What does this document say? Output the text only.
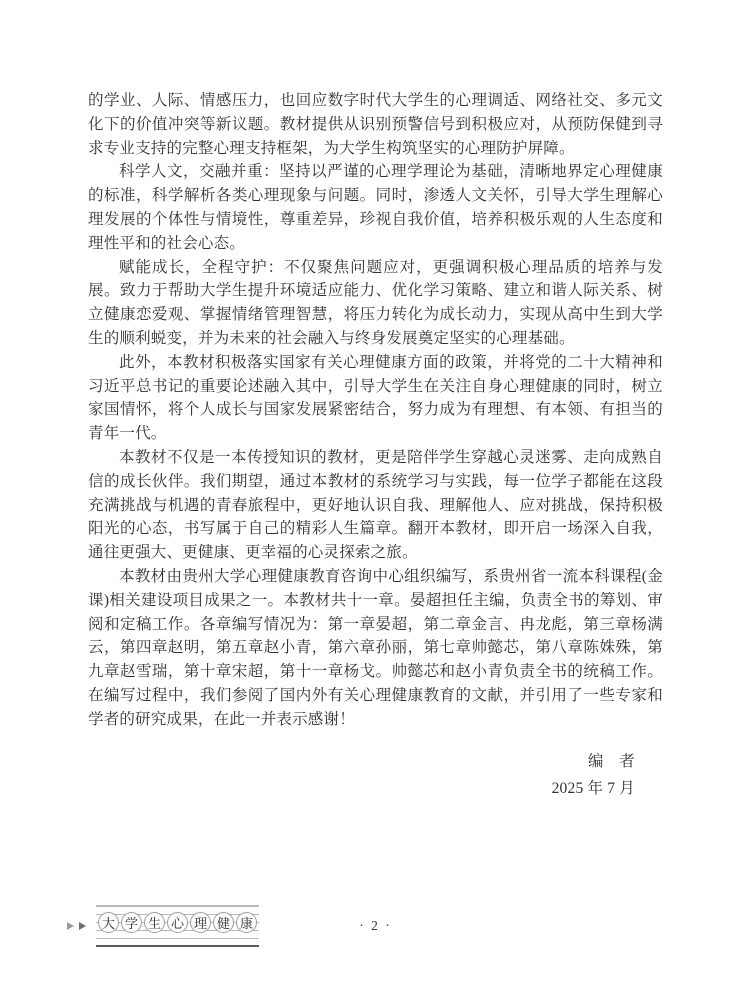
的学业、人际、情感压力，也回应数字时代大学生的心理调适、网络社交、多元文化下的价值冲突等新议题。教材提供从识别预警信号到积极应对，从预防保健到寻求专业支持的完整心理支持框架，为大学生构筑坚实的心理防护屏障。

科学人文，交融并重：坚持以严谨的心理学理论为基础，清晰地界定心理健康的标准，科学解析各类心理现象与问题。同时，渗透人文关怀，引导大学生理解心理发展的个体性与情境性，尊重差异，珍视自我价值，培养积极乐观的人生态度和理性平和的社会心态。

赋能成长，全程守护：不仅聚焦问题应对，更强调积极心理品质的培养与发展。致力于帮助大学生提升环境适应能力、优化学习策略、建立和谐人际关系、树立健康恋爱观、掌握情绪管理智慧，将压力转化为成长动力，实现从高中生到大学生的顺利蜕变，并为未来的社会融入与终身发展奠定坚实的心理基础。

此外，本教材积极落实国家有关心理健康方面的政策，并将党的二十大精神和习近平总书记的重要论述融入其中，引导大学生在关注自身心理健康的同时，树立家国情怀，将个人成长与国家发展紧密结合，努力成为有理想、有本领、有担当的青年一代。

本教材不仅是一本传授知识的教材，更是陪伴学生穿越心灵迷雾、走向成熟自信的成长伙伴。我们期望，通过本教材的系统学习与实践，每一位学子都能在这段充满挑战与机遇的青春旅程中，更好地认识自我、理解他人、应对挑战，保持积极阳光的心态，书写属于自己的精彩人生篇章。翻开本教材，即开启一场深入自我，通往更强大、更健康、更幸福的心灵探索之旅。

本教材由贵州大学心理健康教育咨询中心组织编写，系贵州省一流本科课程(金课)相关建设项目成果之一。本教材共十一章。晏超担任主编，负责全书的筹划、审阅和定稿工作。各章编写情况为：第一章晏超，第二章金言、冉龙彪，第三章杨满云，第四章赵明，第五章赵小青，第六章孙丽，第七章帅懿芯，第八章陈姝殊，第九章赵雪瑞，第十章宋超，第十一章杨戈。帅懿芯和赵小青负责全书的统稿工作。在编写过程中，我们参阅了国内外有关心理健康教育的文献，并引用了一些专家和学者的研究成果，在此一并表示感谢！

编　者
2025 年 7 月
大 学 生 心 理 健 康	· 2 ·
